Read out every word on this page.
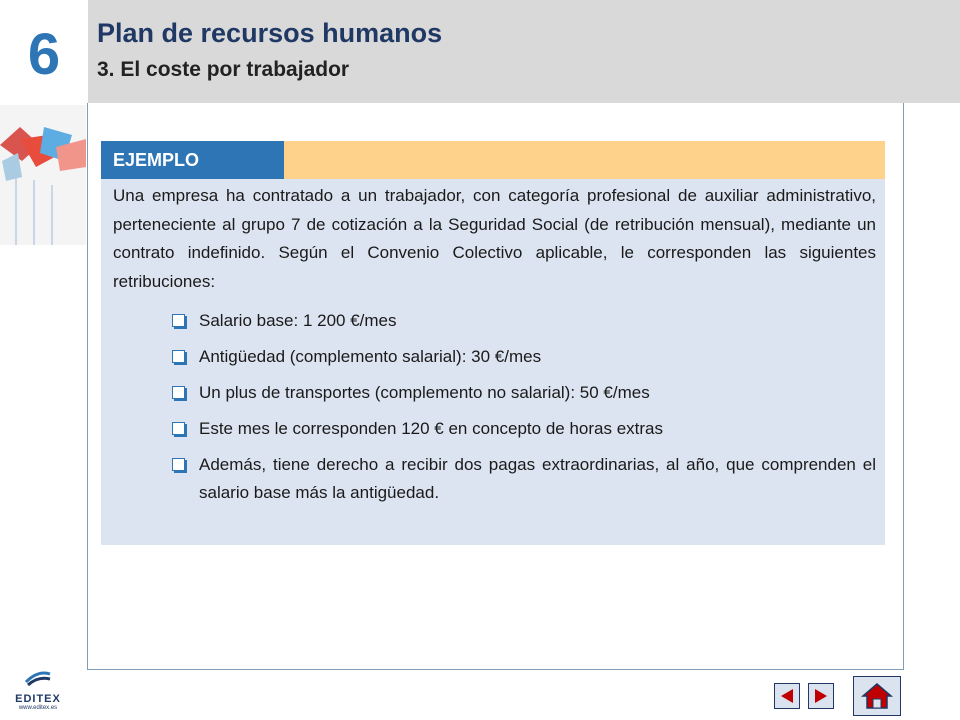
6	Plan de recursos humanos
3. El coste por trabajador
EJEMPLO
Una empresa ha contratado a un trabajador, con categoría profesional de auxiliar administrativo, perteneciente al grupo 7 de cotización a la Seguridad Social (de retribución mensual), mediante un contrato indefinido. Según el Convenio Colectivo aplicable, le corresponden las siguientes retribuciones:
Salario base: 1 200 €/mes
Antigüedad (complemento salarial): 30 €/mes
Un plus de transportes (complemento no salarial): 50 €/mes
Este mes le corresponden 120 € en concepto de horas extras
Además, tiene derecho a recibir dos pagas extraordinarias, al año, que comprenden el salario base más la antigüedad.
EDITEX
www.editex.es
